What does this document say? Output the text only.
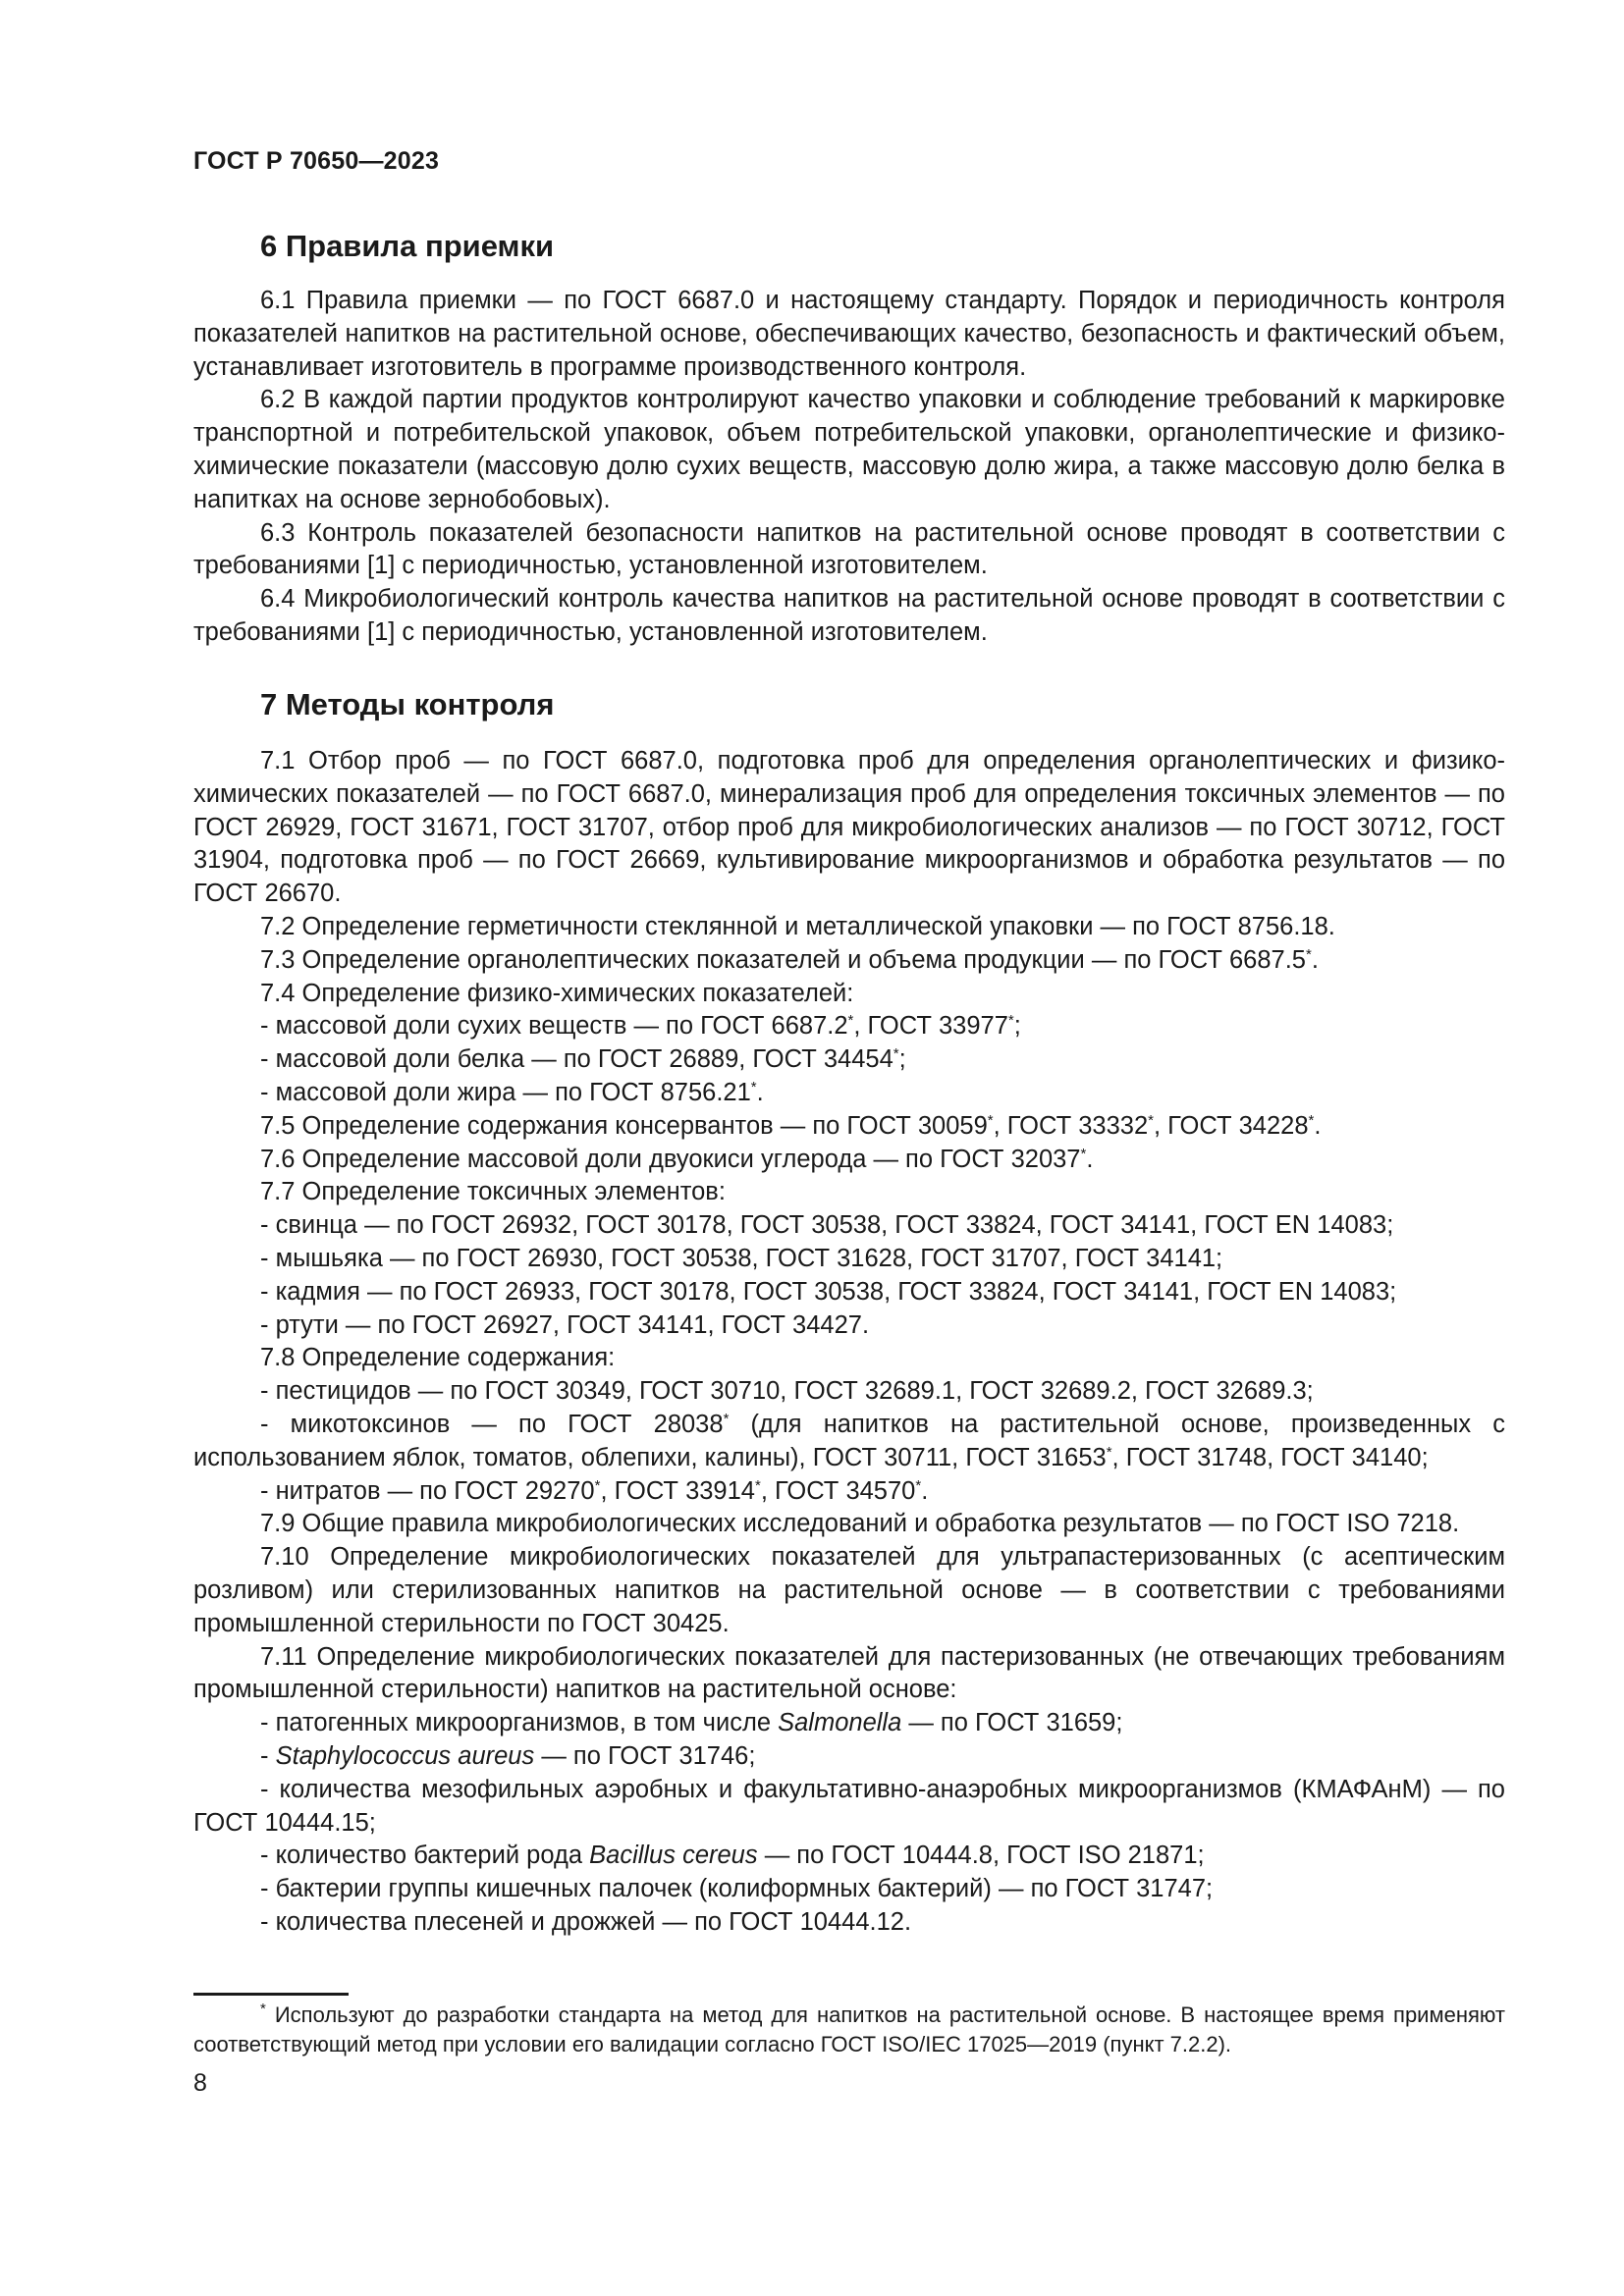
ГОСТ Р 70650—2023
6 Правила приемки

6.1 Правила приемки — по ГОСТ 6687.0 и настоящему стандарту. Порядок и периодичность контроля показателей напитков на растительной основе, обеспечивающих качество, безопасность и фактический объем, устанавливает изготовитель в программе производственного контроля.

6.2 В каждой партии продуктов контролируют качество упаковки и соблюдение требований к маркировке транспортной и потребительской упаковок, объем потребительской упаковки, органолептические и физико-химические показатели (массовую долю сухих веществ, массовую долю жира, а также массовую долю белка в напитках на основе зернобобовых).

6.3 Контроль показателей безопасности напитков на растительной основе проводят в соответствии с требованиями [1] с периодичностью, установленной изготовителем.

6.4 Микробиологический контроль качества напитков на растительной основе проводят в соответствии с требованиями [1] с периодичностью, установленной изготовителем.

7 Методы контроля

7.1 Отбор проб — по ГОСТ 6687.0, подготовка проб для определения органолептических и физико-химических показателей — по ГОСТ 6687.0, минерализация проб для определения токсичных элементов — по ГОСТ 26929, ГОСТ 31671, ГОСТ 31707, отбор проб для микробиологических анализов — по ГОСТ 30712, ГОСТ 31904, подготовка проб — по ГОСТ 26669, культивирование микроорганизмов и обработка результатов — по ГОСТ 26670.

7.2 Определение герметичности стеклянной и металлической упаковки — по ГОСТ 8756.18.

7.3 Определение органолептических показателей и объема продукции — по ГОСТ 6687.5*.

7.4 Определение физико-химических показателей:

- массовой доли сухих веществ — по ГОСТ 6687.2*, ГОСТ 33977*;

- массовой доли белка — по ГОСТ 26889, ГОСТ 34454*;

- массовой доли жира — по ГОСТ 8756.21*.

7.5 Определение содержания консервантов — по ГОСТ 30059*, ГОСТ 33332*, ГОСТ 34228*.

7.6 Определение массовой доли двуокиси углерода — по ГОСТ 32037*.

7.7 Определение токсичных элементов:

- свинца — по ГОСТ 26932, ГОСТ 30178, ГОСТ 30538, ГОСТ 33824, ГОСТ 34141, ГОСТ EN 14083;

- мышьяка — по ГОСТ 26930, ГОСТ 30538, ГОСТ 31628, ГОСТ 31707, ГОСТ 34141;

- кадмия — по ГОСТ 26933, ГОСТ 30178, ГОСТ 30538, ГОСТ 33824, ГОСТ 34141, ГОСТ EN 14083;

- ртути — по ГОСТ 26927, ГОСТ 34141, ГОСТ 34427.

7.8 Определение содержания:

- пестицидов — по ГОСТ 30349, ГОСТ 30710, ГОСТ 32689.1, ГОСТ 32689.2, ГОСТ 32689.3;

- микотоксинов — по ГОСТ 28038* (для напитков на растительной основе, произведенных с использованием яблок, томатов, облепихи, калины), ГОСТ 30711, ГОСТ 31653*, ГОСТ 31748, ГОСТ 34140;

- нитратов — по ГОСТ 29270*, ГОСТ 33914*, ГОСТ 34570*.

7.9 Общие правила микробиологических исследований и обработка результатов — по ГОСТ ISO 7218.

7.10 Определение микробиологических показателей для ультрапастеризованных (с асептическим розливом) или стерилизованных напитков на растительной основе — в соответствии с требованиями промышленной стерильности по ГОСТ 30425.

7.11 Определение микробиологических показателей для пастеризованных (не отвечающих требованиям промышленной стерильности) напитков на растительной основе:

- патогенных микроорганизмов, в том числе Salmonella — по ГОСТ 31659;

- Staphylococcus aureus — по ГОСТ 31746;

- количества мезофильных аэробных и факультативно-анаэробных микроорганизмов (КМАФАнМ) — по ГОСТ 10444.15;

- количество бактерий рода Bacillus cereus — по ГОСТ 10444.8, ГОСТ ISO 21871;

- бактерии группы кишечных палочек (колиформных бактерий) — по ГОСТ 31747;

- количества плесеней и дрожжей — по ГОСТ 10444.12.

* Используют до разработки стандарта на метод для напитков на растительной основе. В настоящее время применяют соответствующий метод при условии его валидации согласно ГОСТ ISO/IEC 17025—2019 (пункт 7.2.2).

8
